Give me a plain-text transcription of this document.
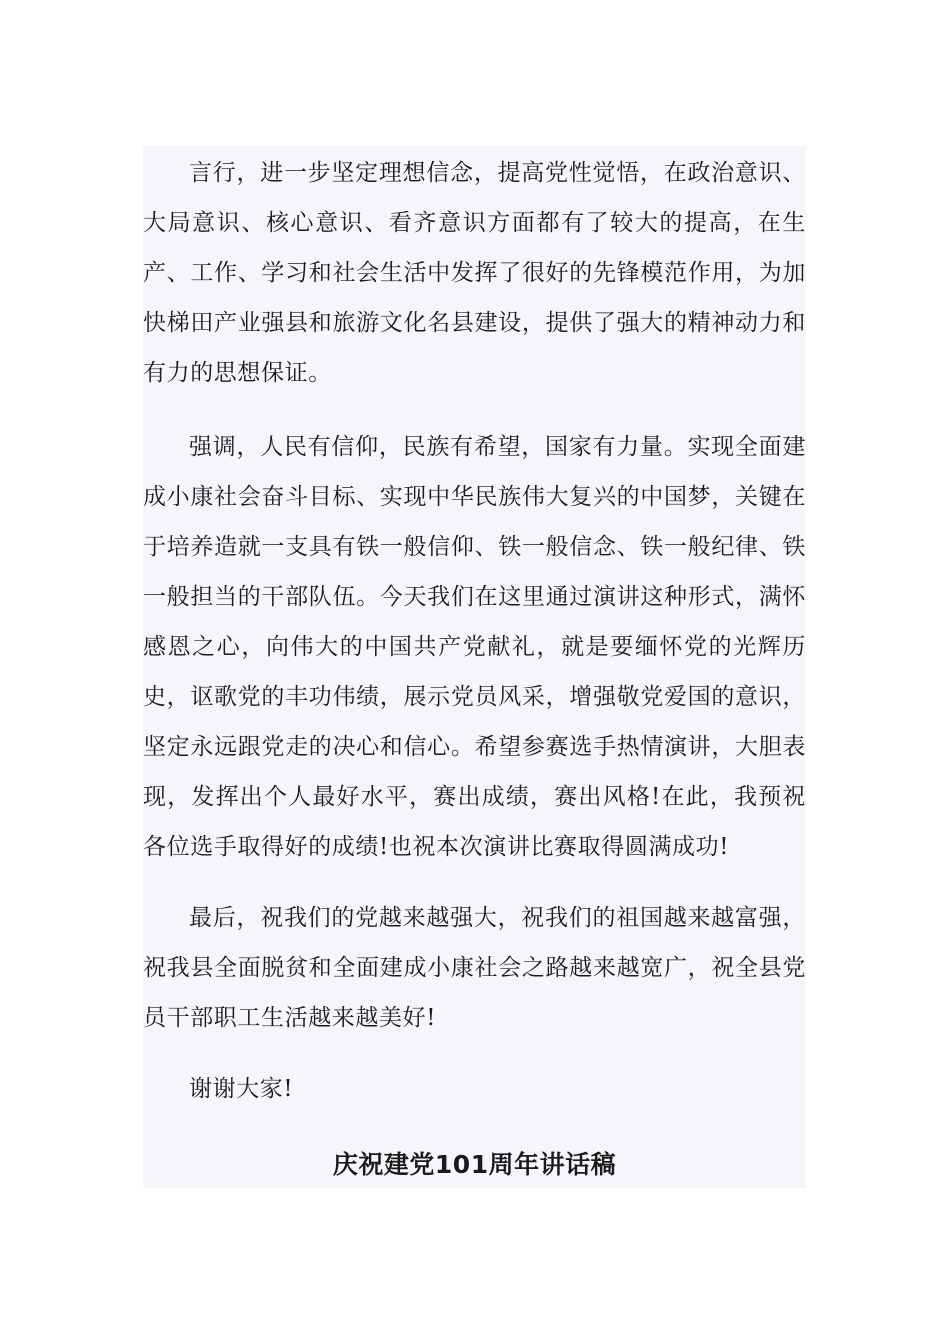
言行，进一步坚定理想信念，提高党性觉悟，在政治意识、大局意识、核心意识、看齐意识方面都有了较大的提高，在生产、工作、学习和社会生活中发挥了很好的先锋模范作用，为加快梯田产业强县和旅游文化名县建设，提供了强大的精神动力和有力的思想保证。

强调，人民有信仰，民族有希望，国家有力量。实现全面建成小康社会奋斗目标、实现中华民族伟大复兴的中国梦，关键在于培养造就一支具有铁一般信仰、铁一般信念、铁一般纪律、铁一般担当的干部队伍。今天我们在这里通过演讲这种形式，满怀感恩之心，向伟大的中国共产党献礼，就是要缅怀党的光辉历史，讴歌党的丰功伟绩，展示党员风采，增强敬党爱国的意识，坚定永远跟党走的决心和信心。希望参赛选手热情演讲，大胆表现，发挥出个人最好水平，赛出成绩，赛出风格!在此，我预祝各位选手取得好的成绩!也祝本次演讲比赛取得圆满成功!

最后，祝我们的党越来越强大，祝我们的祖国越来越富强，祝我县全面脱贫和全面建成小康社会之路越来越宽广，祝全县党员干部职工生活越来越美好!

谢谢大家!

庆祝建党101周年讲话稿
